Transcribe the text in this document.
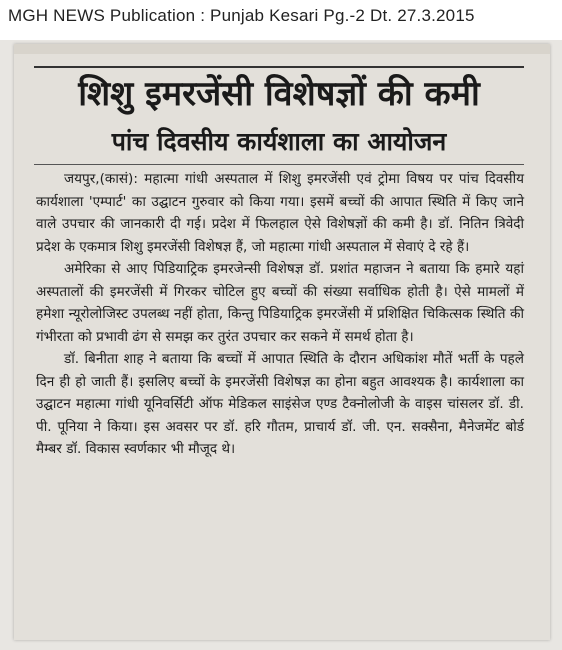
MGH NEWS Publication : Punjab Kesari Pg.-2 Dt. 27.3.2015
शिशु इमरजेंसी विशेषज्ञों की कमी
पांच दिवसीय कार्यशाला का आयोजन

जयपुर,(कासं): महात्मा गांधी अस्पताल में शिशु इमरजेंसी एवं ट्रोमा विषय पर पांच दिवसीय कार्यशाला 'एम्पार्ट' का उद्घाटन गुरुवार को किया गया। इसमें बच्चों की आपात स्थिति में किए जाने वाले उपचार की जानकारी दी गई। प्रदेश में फिलहाल ऐसे विशेषज्ञों की कमी है। डॉ. नितिन त्रिवेदी प्रदेश के एकमात्र शिशु इमरजेंसी विशेषज्ञ हैं, जो महात्मा गांधी अस्पताल में सेवाएं दे रहे हैं।

अमेरिका से आए पिडियाट्रिक इमरजेन्सी विशेषज्ञ डॉ. प्रशांत महाजन ने बताया कि हमारे यहां अस्पतालों की इमरजेंसी में गिरकर चोटिल हुए बच्चों की संख्या सर्वाधिक होती है। ऐसे मामलों में हमेशा न्यूरोलोजिस्ट उपलब्ध नहीं होता, किन्तु पिडियाट्रिक इमरजेंसी में प्रशिक्षित चिकित्सक स्थिति की गंभीरता को प्रभावी ढंग से समझ कर तुरंत उपचार कर सकने में समर्थ होता है।

डॉ. बिनीता शाह ने बताया कि बच्चों में आपात स्थिति के दौरान अधिकांश मौतें भर्ती के पहले दिन ही हो जाती हैं। इसलिए बच्चों के इमरजेंसी विशेषज्ञ का होना बहुत आवश्यक है। कार्यशाला का उद्घाटन महात्मा गांधी यूनिवर्सिटी ऑफ मेडिकल साइंसेज एण्ड टैक्नोलोजी के वाइस चांसलर डॉ. डी. पी. पूनिया ने किया। इस अवसर पर डॉ. हरि गौतम, प्राचार्य डॉ. जी. एन. सक्सैना, मैनेजमेंट बोर्ड मैम्बर डॉ. विकास स्वर्णकार भी मौजूद थे।
